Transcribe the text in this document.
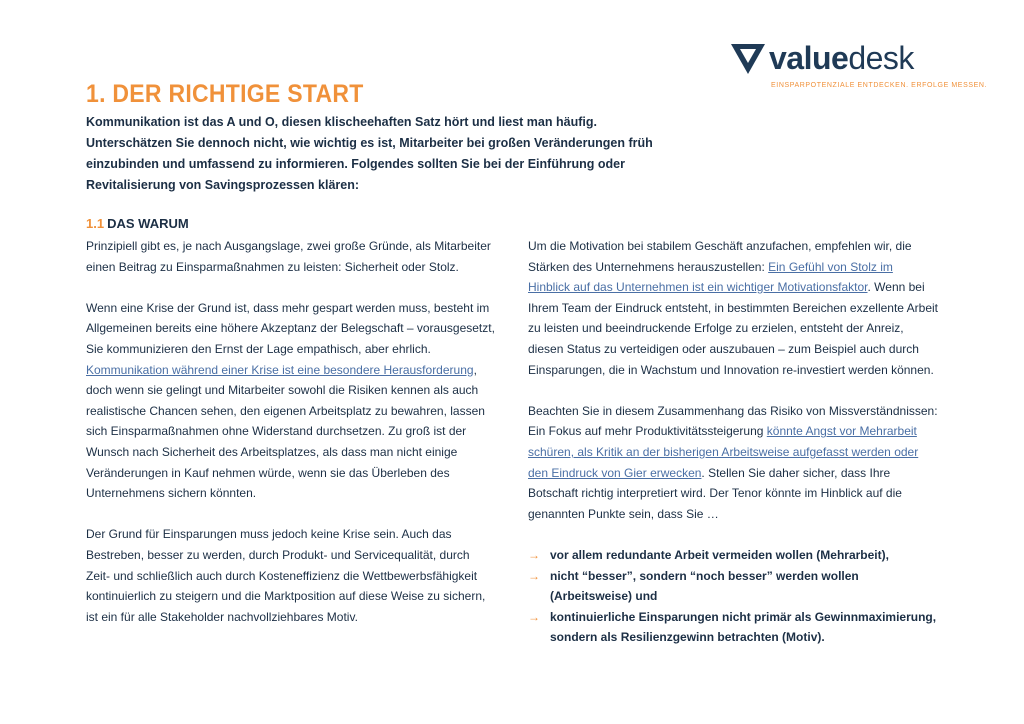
valuedesk
EINSPARPOTENZIALE ENTDECKEN. ERFOLGE MESSEN.
1. DER RICHTIGE START
Kommunikation ist das A und O, diesen klischeehaften Satz hört und liest man häufig. Unterschätzen Sie dennoch nicht, wie wichtig es ist, Mitarbeiter bei großen Veränderungen früh einzubinden und umfassend zu informieren. Folgendes sollten Sie bei der Einführung oder Revitalisierung von Savingsprozessen klären:
1.1 DAS WARUM

Prinzipiell gibt es, je nach Ausgangslage, zwei große Gründe, als Mitarbeiter einen Beitrag zu Einsparmaßnahmen zu leisten: Sicherheit oder Stolz.

Wenn eine Krise der Grund ist, dass mehr gespart werden muss, besteht im Allgemeinen bereits eine höhere Akzeptanz der Belegschaft – vorausgesetzt, Sie kommunizieren den Ernst der Lage empathisch, aber ehrlich. Kommunikation während einer Krise ist eine besondere Herausforderung, doch wenn sie gelingt und Mitarbeiter sowohl die Risiken kennen als auch realistische Chancen sehen, den eigenen Arbeitsplatz zu bewahren, lassen sich Einsparmaßnahmen ohne Widerstand durchsetzen. Zu groß ist der Wunsch nach Sicherheit des Arbeitsplatzes, als dass man nicht einige Veränderungen in Kauf nehmen würde, wenn sie das Überleben des Unternehmens sichern könnten.

Der Grund für Einsparungen muss jedoch keine Krise sein. Auch das Bestreben, besser zu werden, durch Produkt- und Servicequalität, durch Zeit- und schließlich auch durch Kosteneffizienz die Wettbewerbsfähigkeit kontinuierlich zu steigern und die Marktposition auf diese Weise zu sichern, ist ein für alle Stakeholder nachvollziehbares Motiv.

Um die Motivation bei stabilem Geschäft anzufachen, empfehlen wir, die Stärken des Unternehmens herauszustellen: Ein Gefühl von Stolz im Hinblick auf das Unternehmen ist ein wichtiger Motivationsfaktor. Wenn bei Ihrem Team der Eindruck entsteht, in bestimmten Bereichen exzellente Arbeit zu leisten und beeindruckende Erfolge zu erzielen, entsteht der Anreiz, diesen Status zu verteidigen oder auszubauen – zum Beispiel auch durch Einsparungen, die in Wachstum und Innovation re-investiert werden können.

Beachten Sie in diesem Zusammenhang das Risiko von Missverständnissen: Ein Fokus auf mehr Produktivitätssteigerung könnte Angst vor Mehrarbeit schüren, als Kritik an der bisherigen Arbeitsweise aufgefasst werden oder den Eindruck von Gier erwecken. Stellen Sie daher sicher, dass Ihre Botschaft richtig interpretiert wird. Der Tenor könnte im Hinblick auf die genannten Punkte sein, dass Sie …

→ vor allem redundante Arbeit vermeiden wollen (Mehrarbeit),
→ nicht “besser”, sondern “noch besser” werden wollen (Arbeitsweise) und
→ kontinuierliche Einsparungen nicht primär als Gewinnmaximierung, sondern als Resilienzgewinn betrachten (Motiv).
